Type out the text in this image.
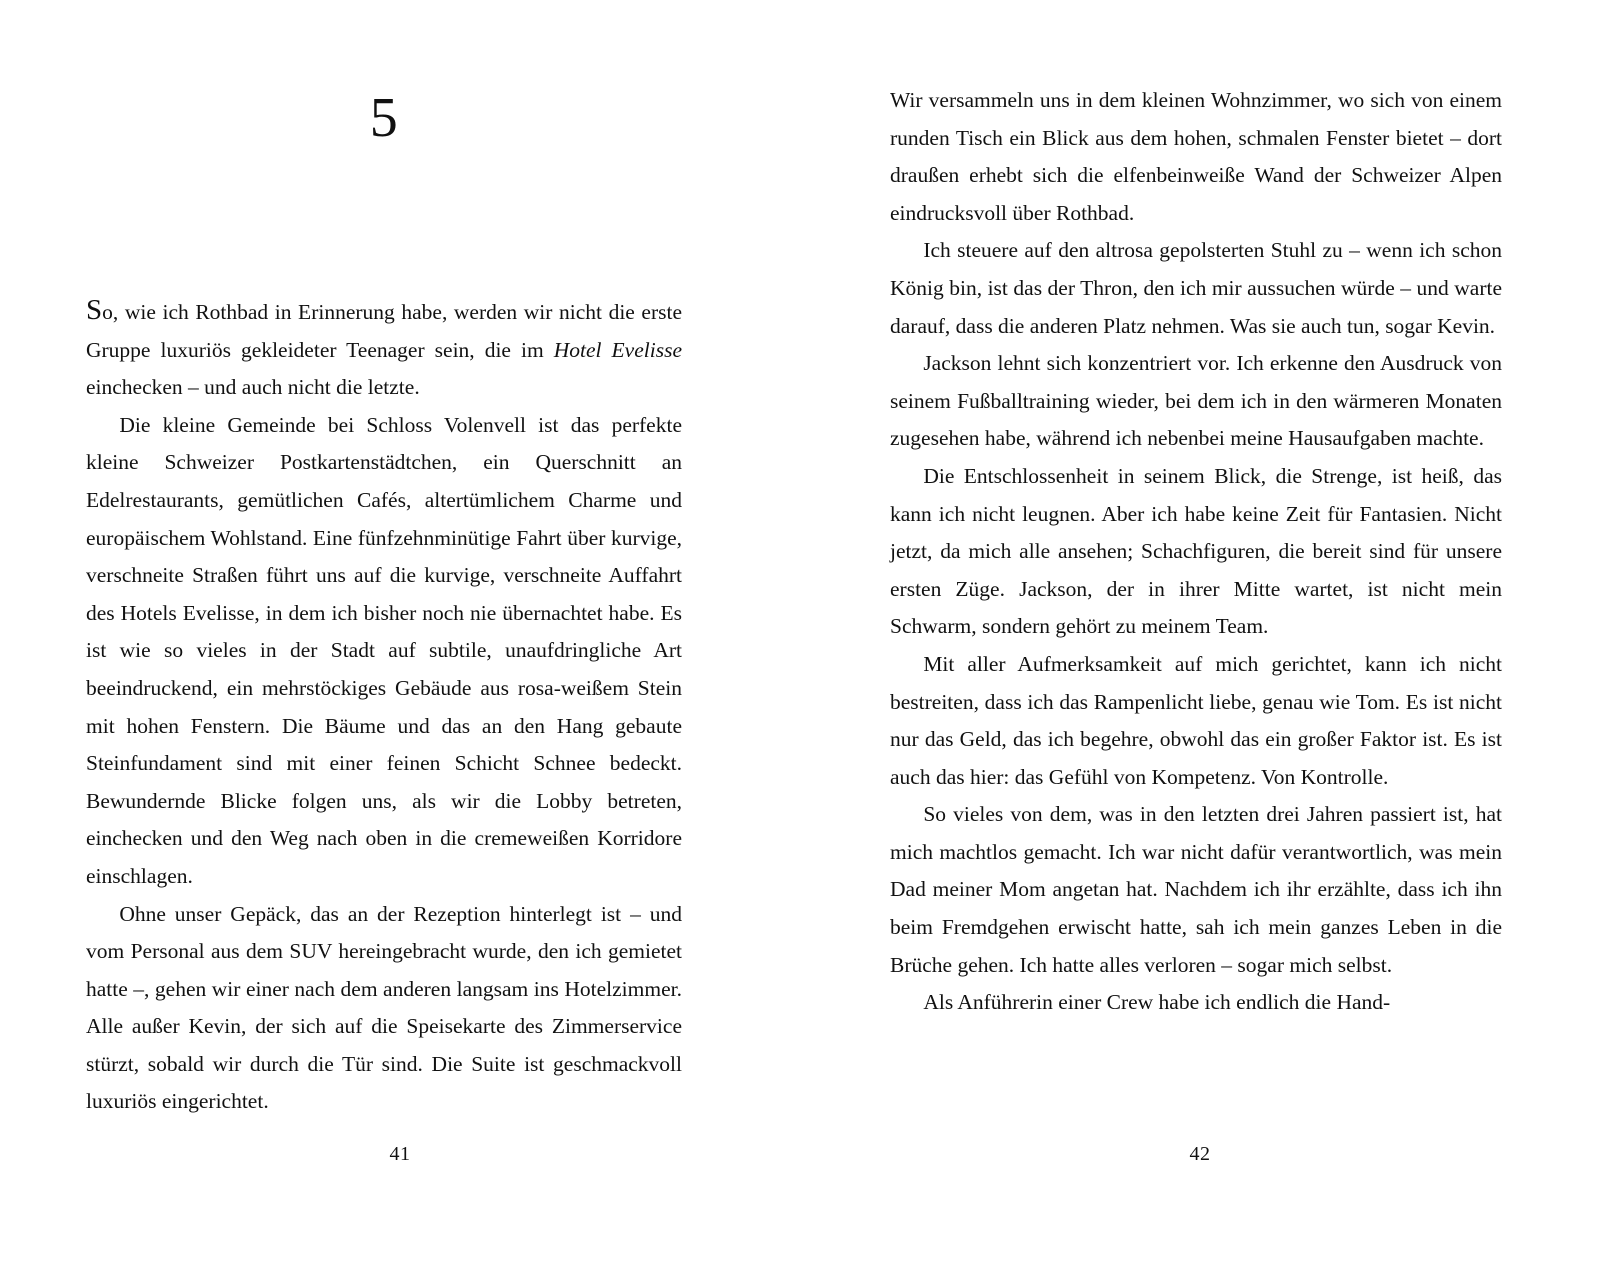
5

So, wie ich Rothbad in Erinnerung habe, werden wir nicht die erste Gruppe luxuriös gekleideter Teenager sein, die im Hotel Evelisse einchecken – und auch nicht die letzte.

Die kleine Gemeinde bei Schloss Volenvell ist das perfekte kleine Schweizer Postkartenstädtchen, ein Querschnitt an Edelrestaurants, gemütlichen Cafés, altertümlichem Charme und europäischem Wohlstand. Eine fünfzehnminütige Fahrt über kurvige, verschneite Straßen führt uns auf die kurvige, verschneite Auffahrt des Hotels Evelisse, in dem ich bisher noch nie übernachtet habe. Es ist wie so vieles in der Stadt auf subtile, unaufdringliche Art beeindruckend, ein mehrstöckiges Gebäude aus rosa-weißem Stein mit hohen Fenstern. Die Bäume und das an den Hang gebaute Steinfundament sind mit einer feinen Schicht Schnee bedeckt. Bewundernde Blicke folgen uns, als wir die Lobby betreten, einchecken und den Weg nach oben in die cremeweißen Korridore einschlagen.

Ohne unser Gepäck, das an der Rezeption hinterlegt ist – und vom Personal aus dem SUV hereingebracht wurde, den ich gemietet hatte –, gehen wir einer nach dem anderen langsam ins Hotelzimmer. Alle außer Kevin, der sich auf die Speisekarte des Zimmerservice stürzt, sobald wir durch die Tür sind. Die Suite ist geschmackvoll luxuriös eingerichtet.

41

Wir versammeln uns in dem kleinen Wohnzimmer, wo sich von einem runden Tisch ein Blick aus dem hohen, schmalen Fenster bietet – dort draußen erhebt sich die elfenbeinweiße Wand der Schweizer Alpen eindrucksvoll über Rothbad.

Ich steuere auf den altrosa gepolsterten Stuhl zu – wenn ich schon König bin, ist das der Thron, den ich mir aussuchen würde – und warte darauf, dass die anderen Platz nehmen. Was sie auch tun, sogar Kevin.

Jackson lehnt sich konzentriert vor. Ich erkenne den Ausdruck von seinem Fußballtraining wieder, bei dem ich in den wärmeren Monaten zugesehen habe, während ich nebenbei meine Hausaufgaben machte.

Die Entschlossenheit in seinem Blick, die Strenge, ist heiß, das kann ich nicht leugnen. Aber ich habe keine Zeit für Fantasien. Nicht jetzt, da mich alle ansehen; Schachfiguren, die bereit sind für unsere ersten Züge. Jackson, der in ihrer Mitte wartet, ist nicht mein Schwarm, sondern gehört zu meinem Team.

Mit aller Aufmerksamkeit auf mich gerichtet, kann ich nicht bestreiten, dass ich das Rampenlicht liebe, genau wie Tom. Es ist nicht nur das Geld, das ich begehre, obwohl das ein großer Faktor ist. Es ist auch das hier: das Gefühl von Kompetenz. Von Kontrolle.

So vieles von dem, was in den letzten drei Jahren passiert ist, hat mich machtlos gemacht. Ich war nicht dafür verantwortlich, was mein Dad meiner Mom angetan hat. Nachdem ich ihr erzählte, dass ich ihn beim Fremdgehen erwischt hatte, sah ich mein ganzes Leben in die Brüche gehen. Ich hatte alles verloren – sogar mich selbst.

Als Anführerin einer Crew habe ich endlich die Hand-

42
